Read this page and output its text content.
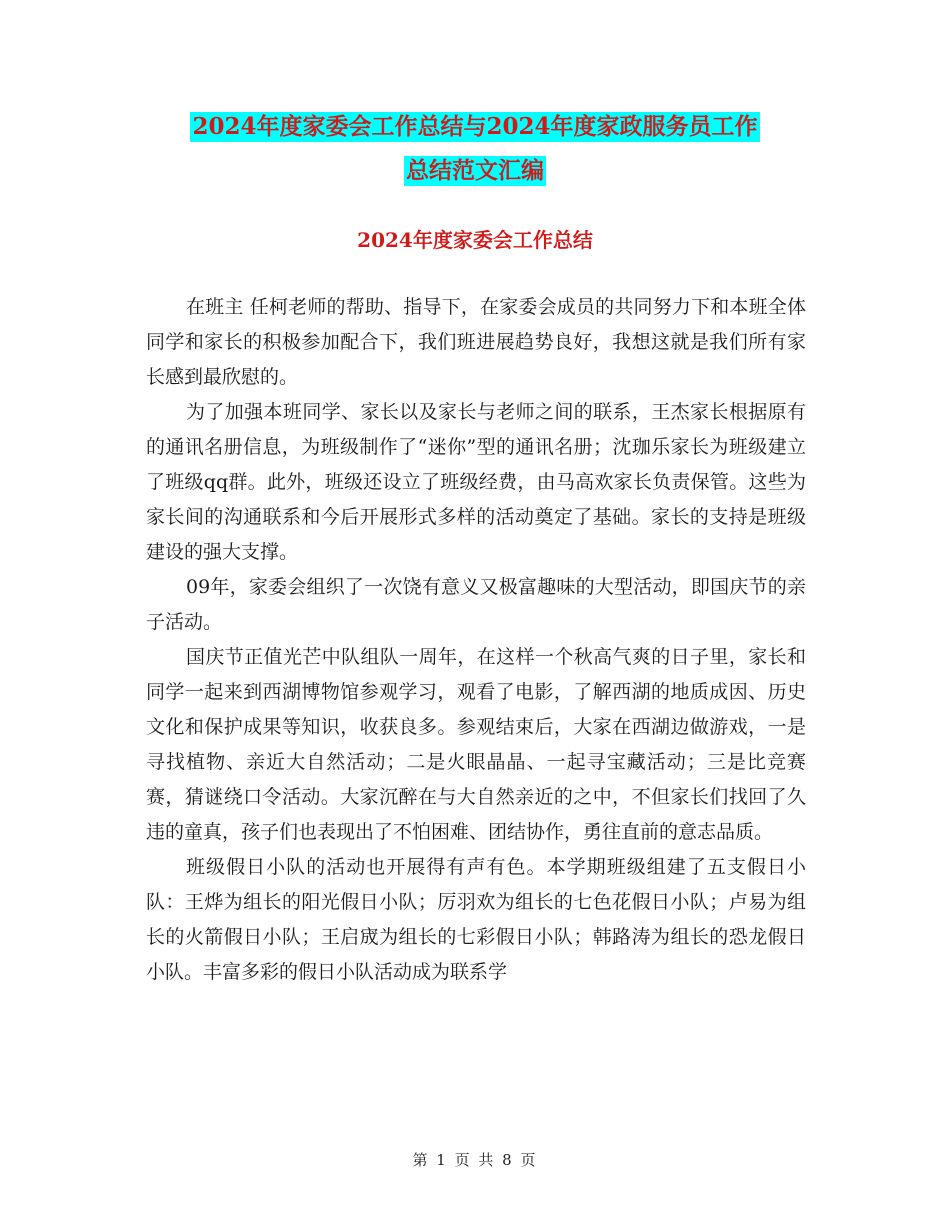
2024年度家委会工作总结与2024年度家政服务员工作
总结范文汇编
2024年度家委会工作总结

在班主 任柯老师的帮助、指导下，在家委会成员的共同努力下和本班全体同学和家长的积极参加配合下，我们班进展趋势良好，我想这就是我们所有家长感到最欣慰的。

为了加强本班同学、家长以及家长与老师之间的联系，王杰家长根据原有的通讯名册信息，为班级制作了“迷你”型的通讯名册；沈珈乐家长为班级建立了班级qq群。此外，班级还设立了班级经费，由马高欢家长负责保管。这些为家长间的沟通联系和今后开展形式多样的活动奠定了基础。家长的支持是班级建设的强大支撑。

09年，家委会组织了一次饶有意义又极富趣味的大型活动，即国庆节的亲子活动。

国庆节正值光芒中队组队一周年，在这样一个秋高气爽的日子里，家长和同学一起来到西湖博物馆参观学习，观看了电影，了解西湖的地质成因、历史文化和保护成果等知识，收获良多。参观结束后，大家在西湖边做游戏，一是寻找植物、亲近大自然活动；二是火眼晶晶、一起寻宝藏活动；三是比竞赛赛，猜谜绕口令活动。大家沉醉在与大自然亲近的之中，不但家长们找回了久违的童真，孩子们也表现出了不怕困难、团结协作，勇往直前的意志品质。

班级假日小队的活动也开展得有声有色。本学期班级组建了五支假日小队：王烨为组长的阳光假日小队；厉羽欢为组长的七色花假日小队；卢易为组长的火箭假日小队；王启宬为组长的七彩假日小队；韩路涛为组长的恐龙假日小队。丰富多彩的假日小队活动成为联系学

第 1 页 共 8 页
